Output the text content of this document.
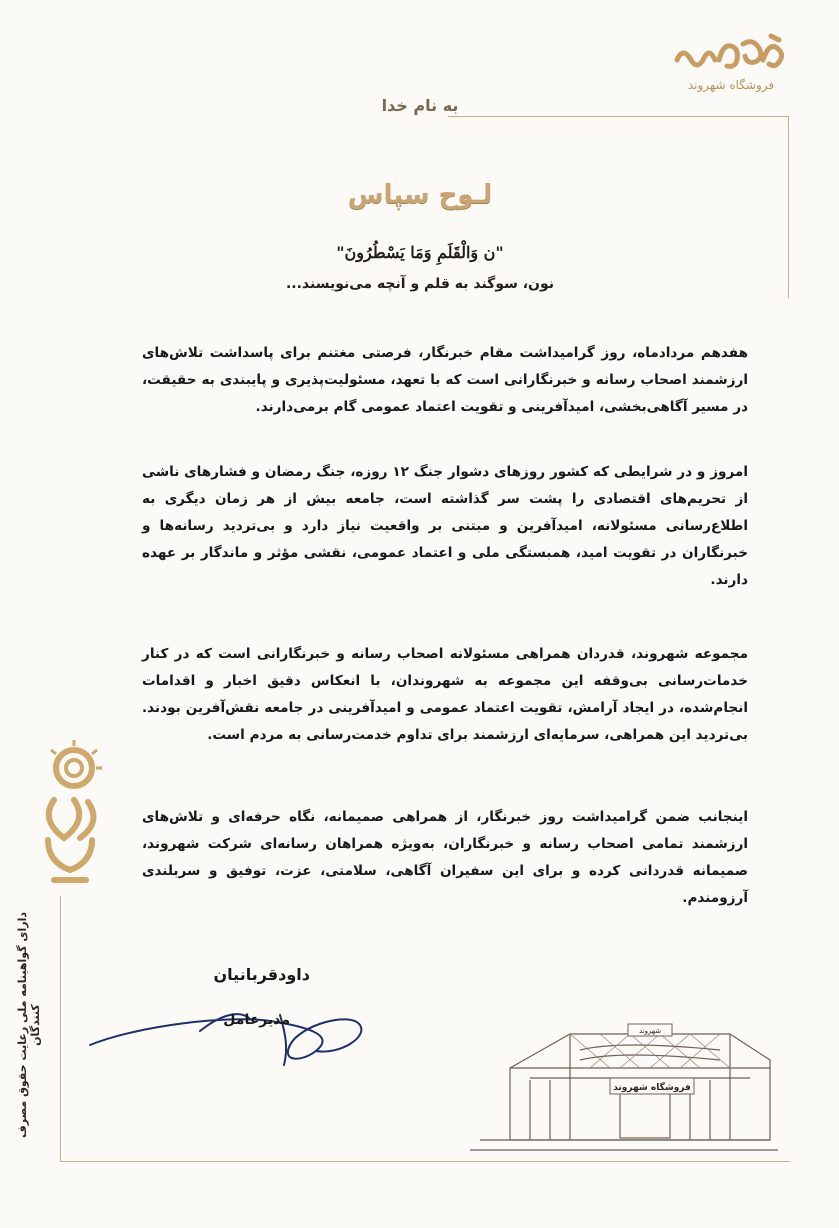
فروشگاه شهروند
به نام خدا
لـوح سپاس
"ن وَالْقَلَمِ وَمَا يَسْطُرُونَ"
نون، سوگند به قلم و آنچه می‌نویسند...

هفدهم مردادماه، روز گرامیداشت مقام خبرنگار، فرصتی مغتنم برای پاسداشت تلاش‌های ارزشمند اصحاب رسانه و خبرنگارانی است که با تعهد، مسئولیت‌پذیری و پایبندی به حقیقت، در مسیر آگاهی‌بخشی، امیدآفرینی و تقویت اعتماد عمومی گام برمی‌دارند.

امروز و در شرایطی که کشور روزهای دشوار جنگ ۱۲ روزه، جنگ رمضان و فشارهای ناشی از تحریم‌های اقتصادی را پشت سر گذاشته است، جامعه بیش از هر زمان دیگری به اطلاع‌رسانی مسئولانه، امیدآفرین و مبتنی بر واقعیت نیاز دارد و بی‌تردید رسانه‌ها و خبرنگاران در تقویت امید، همبستگی ملی و اعتماد عمومی، نقشی مؤثر و ماندگار بر عهده دارند.

مجموعه شهروند، قدردان همراهی مسئولانه اصحاب رسانه و خبرنگارانی است که در کنار خدمات‌رسانی بی‌وقفه این مجموعه به شهروندان، با انعکاس دقیق اخبار و اقدامات انجام‌شده، در ایجاد آرامش، تقویت اعتماد عمومی و امیدآفرینی در جامعه نقش‌آفرین بودند. بی‌تردید این همراهی، سرمایه‌ای ارزشمند برای تداوم خدمت‌رسانی به مردم است.

اینجانب ضمن گرامیداشت روز خبرنگار، از همراهی صمیمانه، نگاه حرفه‌ای و تلاش‌های ارزشمند تمامی اصحاب رسانه و خبرنگاران، به‌ویژه همراهان رسانه‌ای شرکت شهروند، صمیمانه قدردانی کرده و برای این سفیران آگاهی، سلامتی، عزت، توفیق و سربلندی آرزومندم.

داودقربانیان
مدیرعامل
دارای گواهینامه ملی رعایت حقوق مصرف کنندگان
فروشگاه شهروند
شهروند
